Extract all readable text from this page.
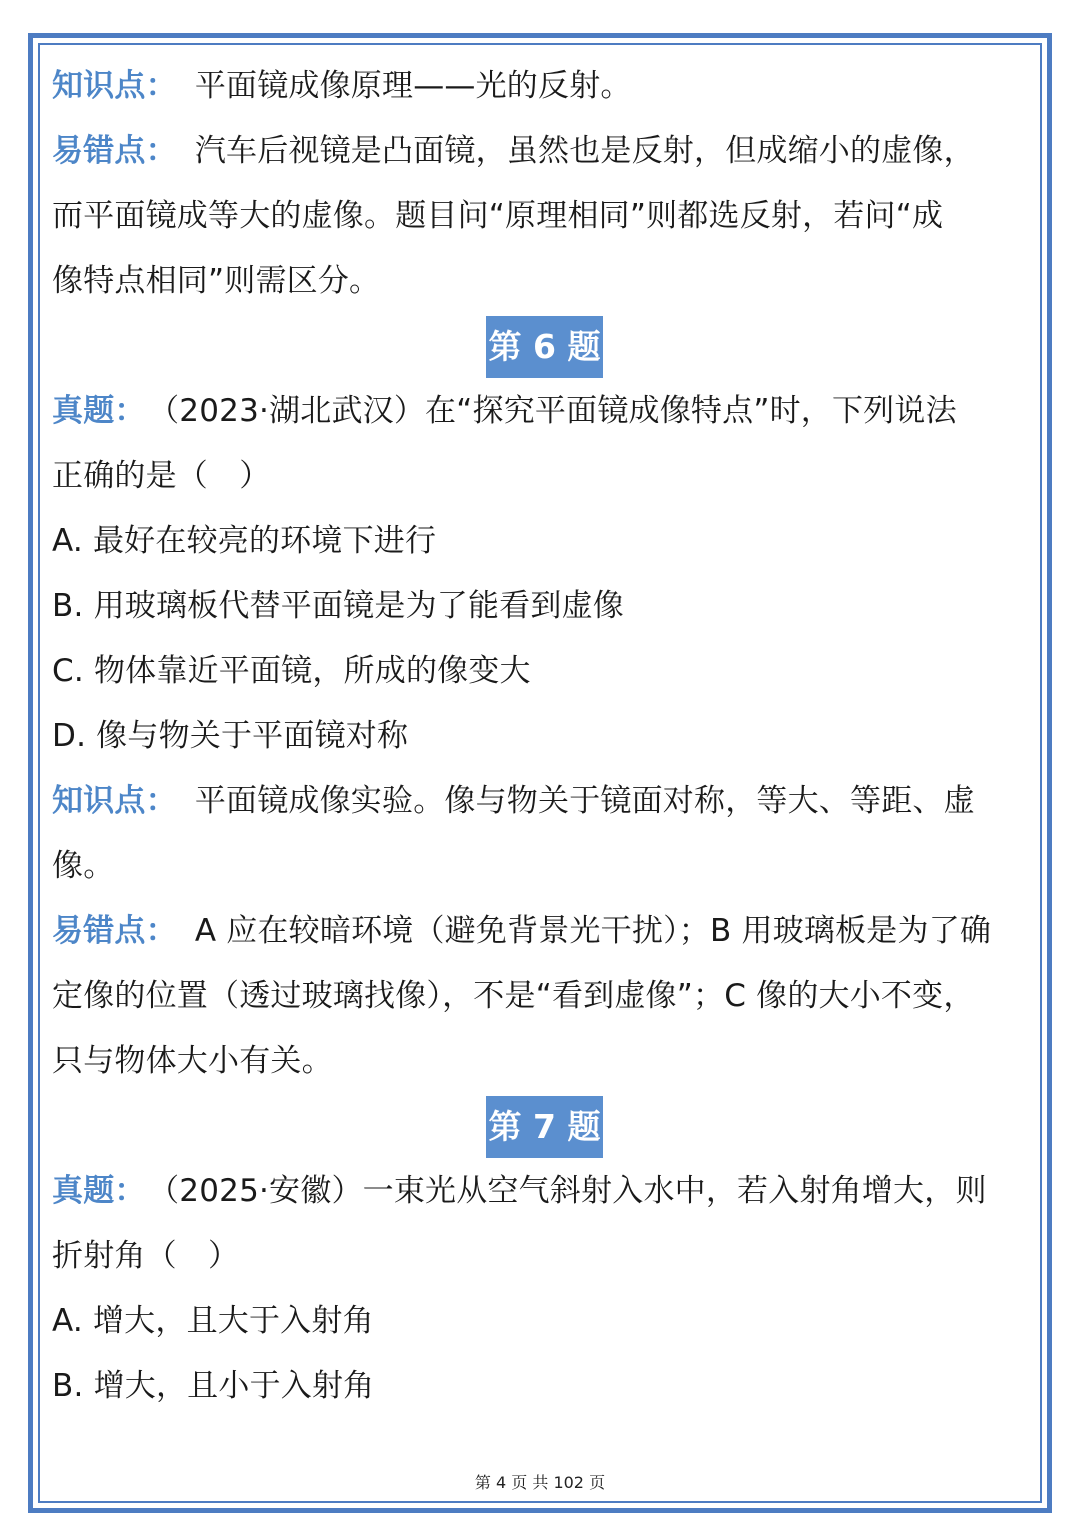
知识点： 平面镜成像原理——光的反射。
易错点： 汽车后视镜是凸面镜，虽然也是反射，但成缩小的虚像，
而平面镜成等大的虚像。题目问“原理相同”则都选反射，若问“成
像特点相同”则需区分。
第 6 题
真题： （2023·湖北武汉）在“探究平面镜成像特点”时，下列说法
正确的是（　）
A. 最好在较亮的环境下进行
B. 用玻璃板代替平面镜是为了能看到虚像
C. 物体靠近平面镜，所成的像变大
D. 像与物关于平面镜对称
知识点： 平面镜成像实验。像与物关于镜面对称，等大、等距、虚
像。
易错点： A 应在较暗环境（避免背景光干扰）；B 用玻璃板是为了确
定像的位置（透过玻璃找像），不是“看到虚像”；C 像的大小不变，
只与物体大小有关。
第 7 题
真题： （2025·安徽）一束光从空气斜射入水中，若入射角增大，则
折射角（　）
A. 增大，且大于入射角
B. 增大，且小于入射角
第 4 页 共 102 页
